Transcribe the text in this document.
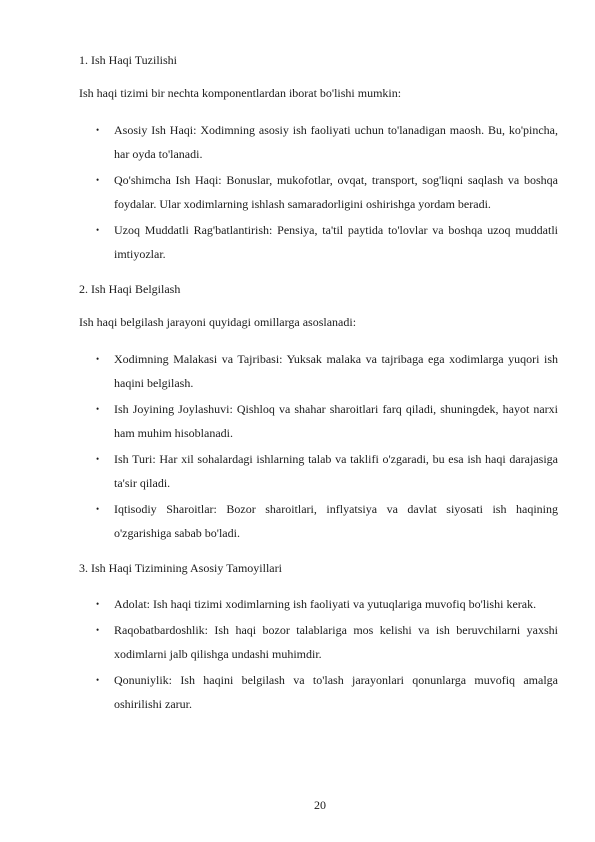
1. Ish Haqi Tuzilishi
Ish haqi tizimi bir nechta komponentlardan iborat bo'lishi mumkin:
• Asosiy Ish Haqi: Xodimning asosiy ish faoliyati uchun to'lanadigan maosh. Bu, ko'pincha, har oyda to'lanadi.
• Qo'shimcha Ish Haqi: Bonuslar, mukofotlar, ovqat, transport, sog'liqni saqlash va boshqa foydalar. Ular xodimlarning ishlash samaradorligini oshirishga yordam beradi.
• Uzoq Muddatli Rag'batlantirish: Pensiya, ta'til paytida to'lovlar va boshqa uzoq muddatli imtiyozlar.
2. Ish Haqi Belgilash
Ish haqi belgilash jarayoni quyidagi omillarga asoslanadi:
• Xodimning Malakasi va Tajribasi: Yuksak malaka va tajribaga ega xodimlarga yuqori ish haqini belgilash.
• Ish Joyining Joylashuvi: Qishloq va shahar sharoitlari farq qiladi, shuningdek, hayot narxi ham muhim hisoblanadi.
• Ish Turi: Har xil sohalardagi ishlarning talab va taklifi o'zgaradi, bu esa ish haqi darajasiga ta'sir qiladi.
• Iqtisodiy Sharoitlar: Bozor sharoitlari, inflyatsiya va davlat siyosati ish haqining o'zgarishiga sabab bo'ladi.
3. Ish Haqi Tizimining Asosiy Tamoyillari
• Adolat: Ish haqi tizimi xodimlarning ish faoliyati va yutuqlariga muvofiq bo'lishi kerak.
• Raqobatbardoshlik: Ish haqi bozor talablariga mos kelishi va ish beruvchilarni yaxshi xodimlarni jalb qilishga undashi muhimdir.
• Qonuniylik: Ish haqini belgilash va to'lash jarayonlari qonunlarga muvofiq amalga oshirilishi zarur.
20
